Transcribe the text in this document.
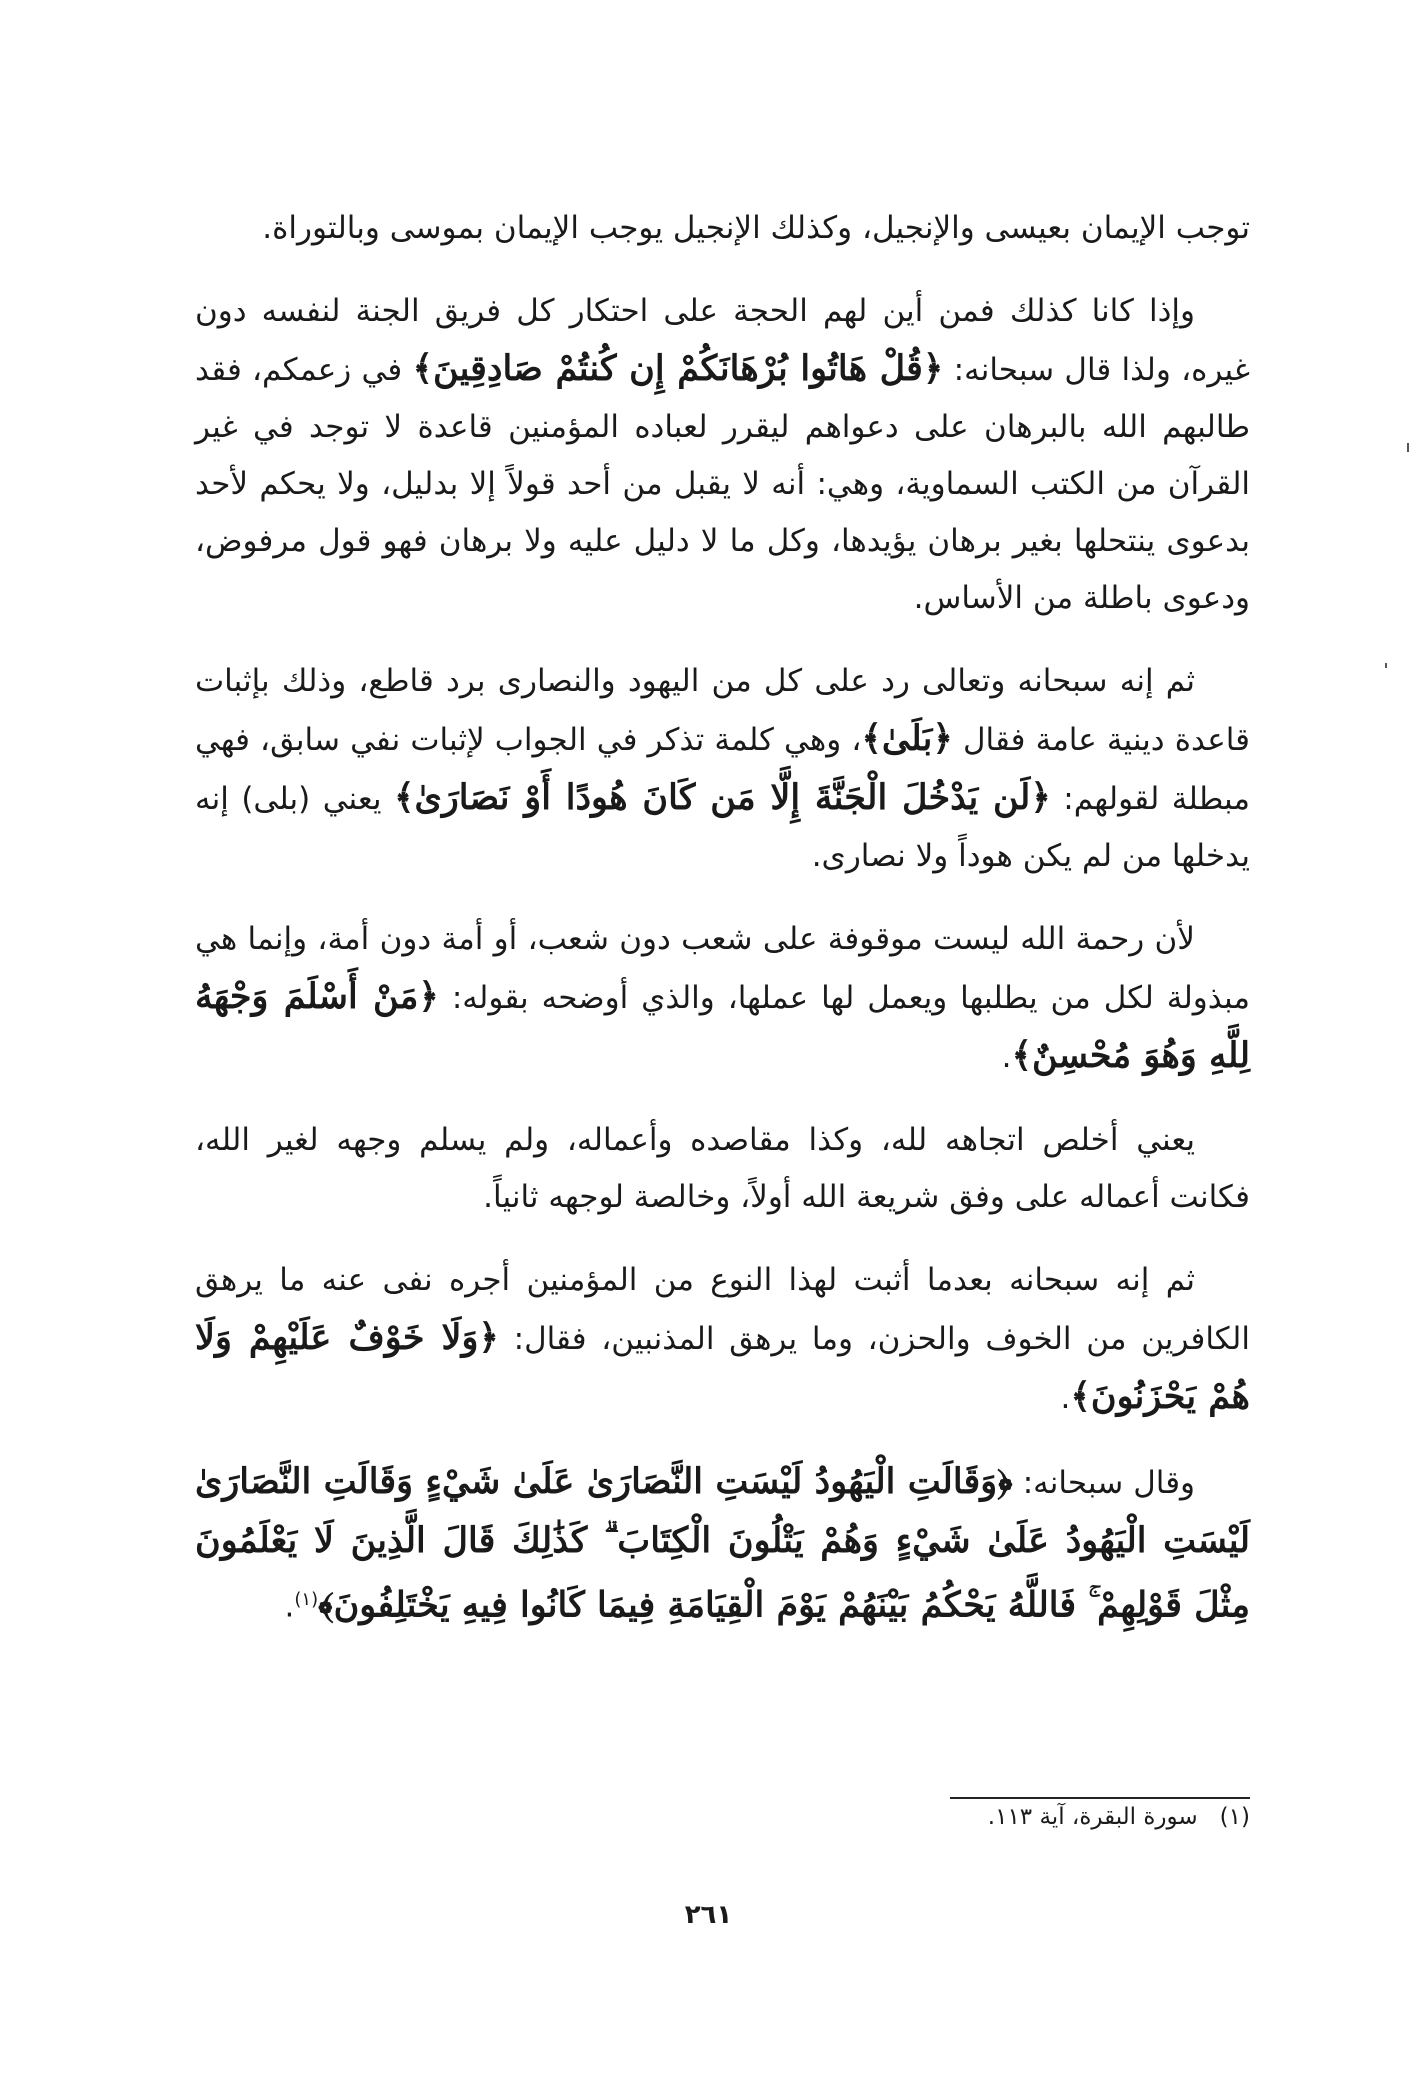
توجب الإيمان بعيسى والإنجيل، وكذلك الإنجيل يوجب الإيمان بموسى وبالتوراة.

وإذا كانا كذلك فمن أين لهم الحجة على احتكار كل فريق الجنة لنفسه دون غيره، ولذا قال سبحانه: ﴿قُلْ هَاتُوا بُرْهَانَكُمْ إِن كُنتُمْ صَادِقِينَ﴾ في زعمكم، فقد طالبهم الله بالبرهان على دعواهم ليقرر لعباده المؤمنين قاعدة لا توجد في غير القرآن من الكتب السماوية، وهي: أنه لا يقبل من أحد قولاً إلا بدليل، ولا يحكم لأحد بدعوى ينتحلها بغير برهان يؤيدها، وكل ما لا دليل عليه ولا برهان فهو قول مرفوض، ودعوى باطلة من الأساس.

ثم إنه سبحانه وتعالى رد على كل من اليهود والنصارى برد قاطع، وذلك بإثبات قاعدة دينية عامة فقال ﴿بَلَىٰ﴾، وهي كلمة تذكر في الجواب لإثبات نفي سابق، فهي مبطلة لقولهم: ﴿لَن يَدْخُلَ الْجَنَّةَ إِلَّا مَن كَانَ هُودًا أَوْ نَصَارَىٰ﴾ يعني (بلى) إنه يدخلها من لم يكن هوداً ولا نصارى.

لأن رحمة الله ليست موقوفة على شعب دون شعب، أو أمة دون أمة، وإنما هي مبذولة لكل من يطلبها ويعمل لها عملها، والذي أوضحه بقوله: ﴿مَنْ أَسْلَمَ وَجْهَهُ لِلَّهِ وَهُوَ مُحْسِنٌ﴾.

يعني أخلص اتجاهه لله، وكذا مقاصده وأعماله، ولم يسلم وجهه لغير الله، فكانت أعماله على وفق شريعة الله أولاً، وخالصة لوجهه ثانياً.

ثم إنه سبحانه بعدما أثبت لهذا النوع من المؤمنين أجره نفى عنه ما يرهق الكافرين من الخوف والحزن، وما يرهق المذنبين، فقال: ﴿وَلَا خَوْفٌ عَلَيْهِمْ وَلَا هُمْ يَحْزَنُونَ﴾.

وقال سبحانه: ﴿وَقَالَتِ الْيَهُودُ لَيْسَتِ النَّصَارَىٰ عَلَىٰ شَيْءٍ وَقَالَتِ النَّصَارَىٰ لَيْسَتِ الْيَهُودُ عَلَىٰ شَيْءٍ وَهُمْ يَتْلُونَ الْكِتَابَ ۗ كَذَٰلِكَ قَالَ الَّذِينَ لَا يَعْلَمُونَ مِثْلَ قَوْلِهِمْ ۚ فَاللَّهُ يَحْكُمُ بَيْنَهُمْ يَوْمَ الْقِيَامَةِ فِيمَا كَانُوا فِيهِ يَخْتَلِفُونَ﴾$^{(١)}$.

(١)سورة البقرة، آية ١١٣.
٢٦١
